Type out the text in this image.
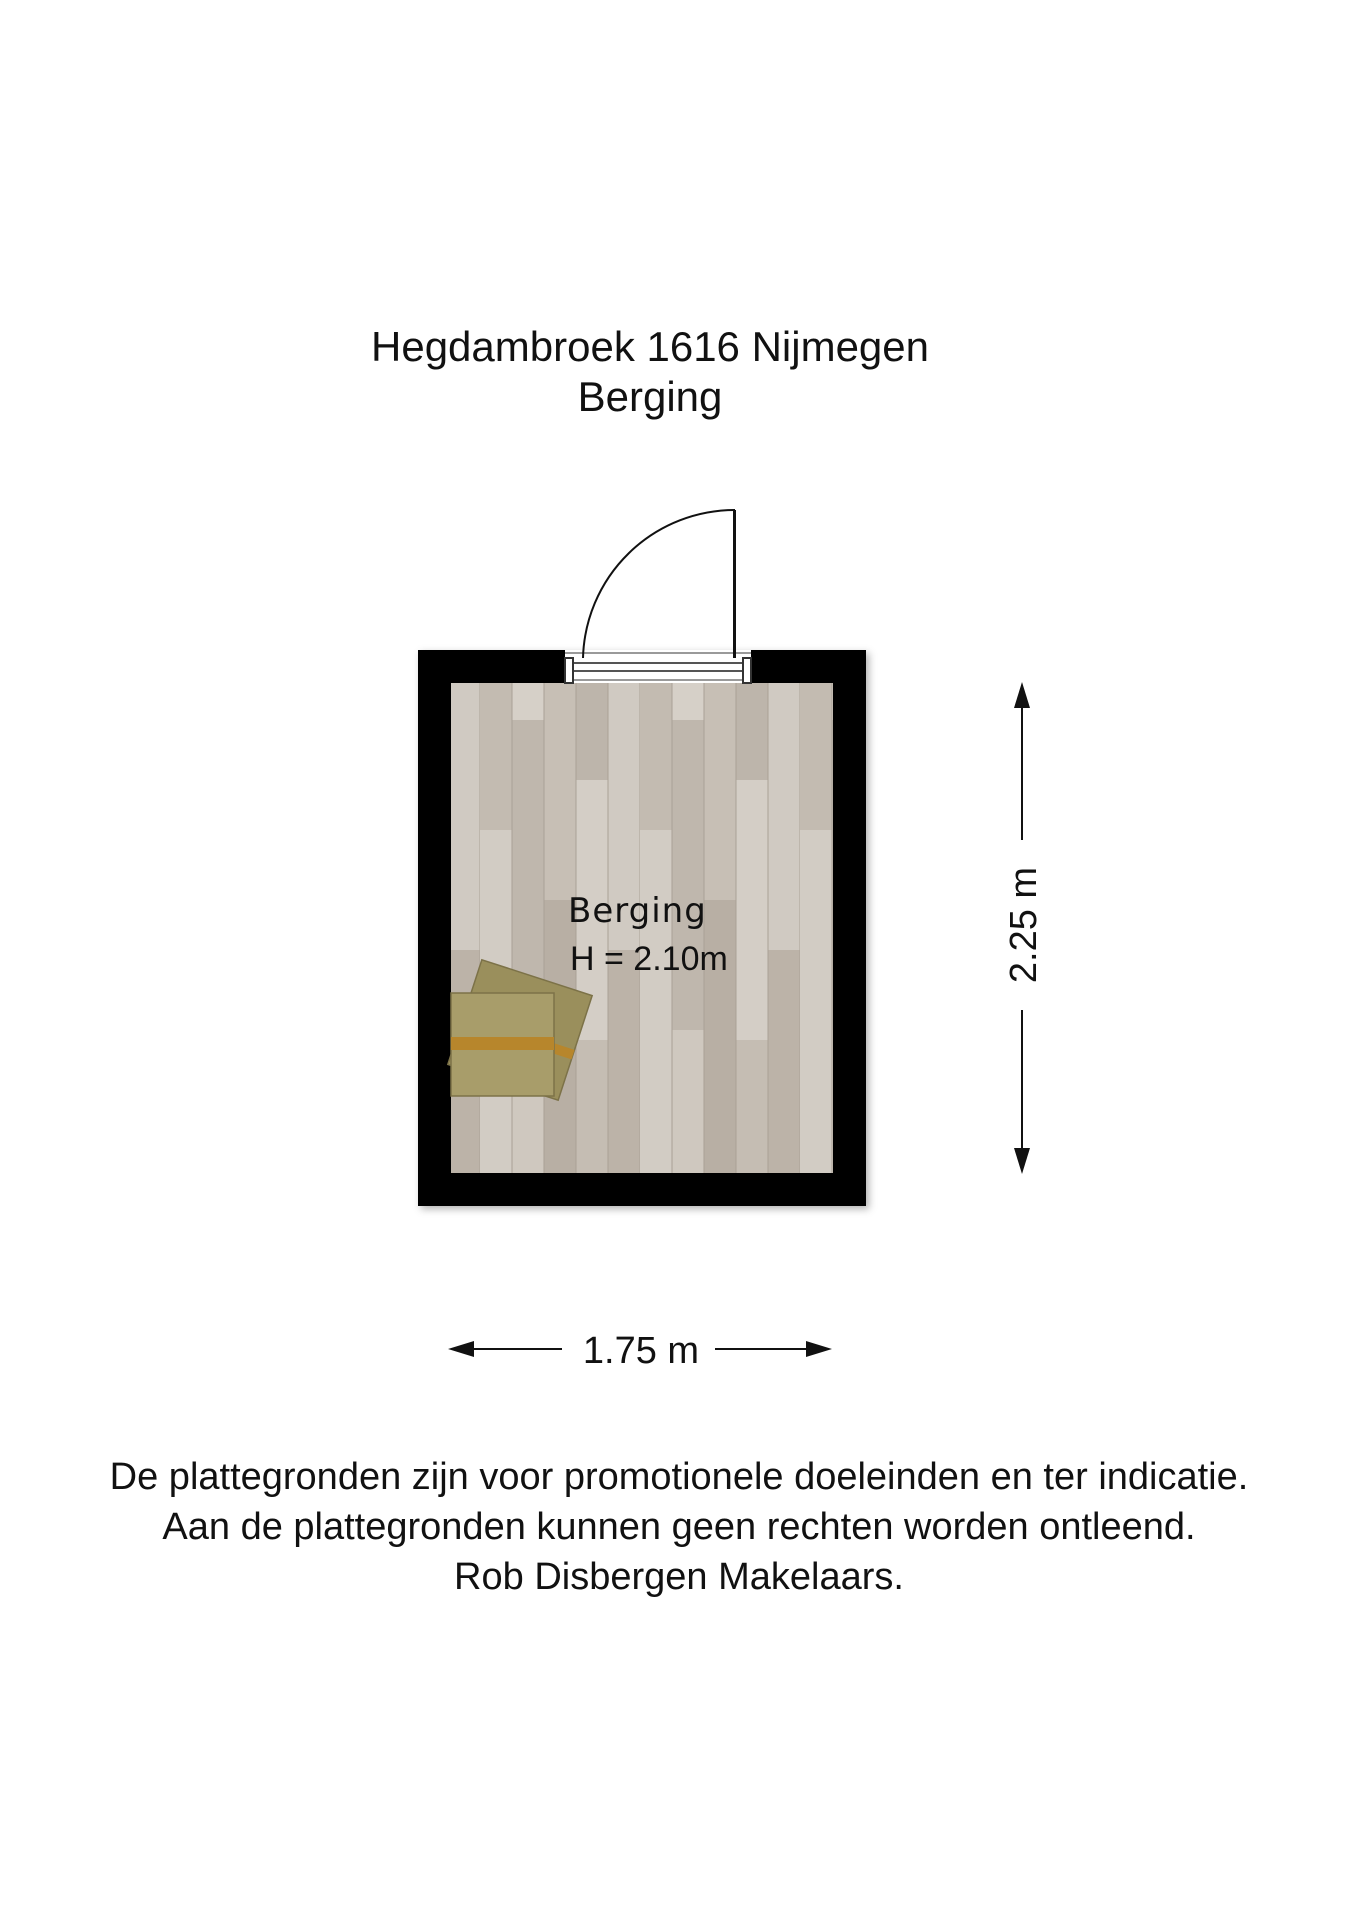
Hegdambroek 1616 Nijmegen
Berging
Berging
H = 2.10m	2.25 m
1.75 m
De plattegronden zijn voor promotionele doeleinden en ter indicatie.
Aan de plattegronden kunnen geen rechten worden ontleend.
Rob Disbergen Makelaars.
